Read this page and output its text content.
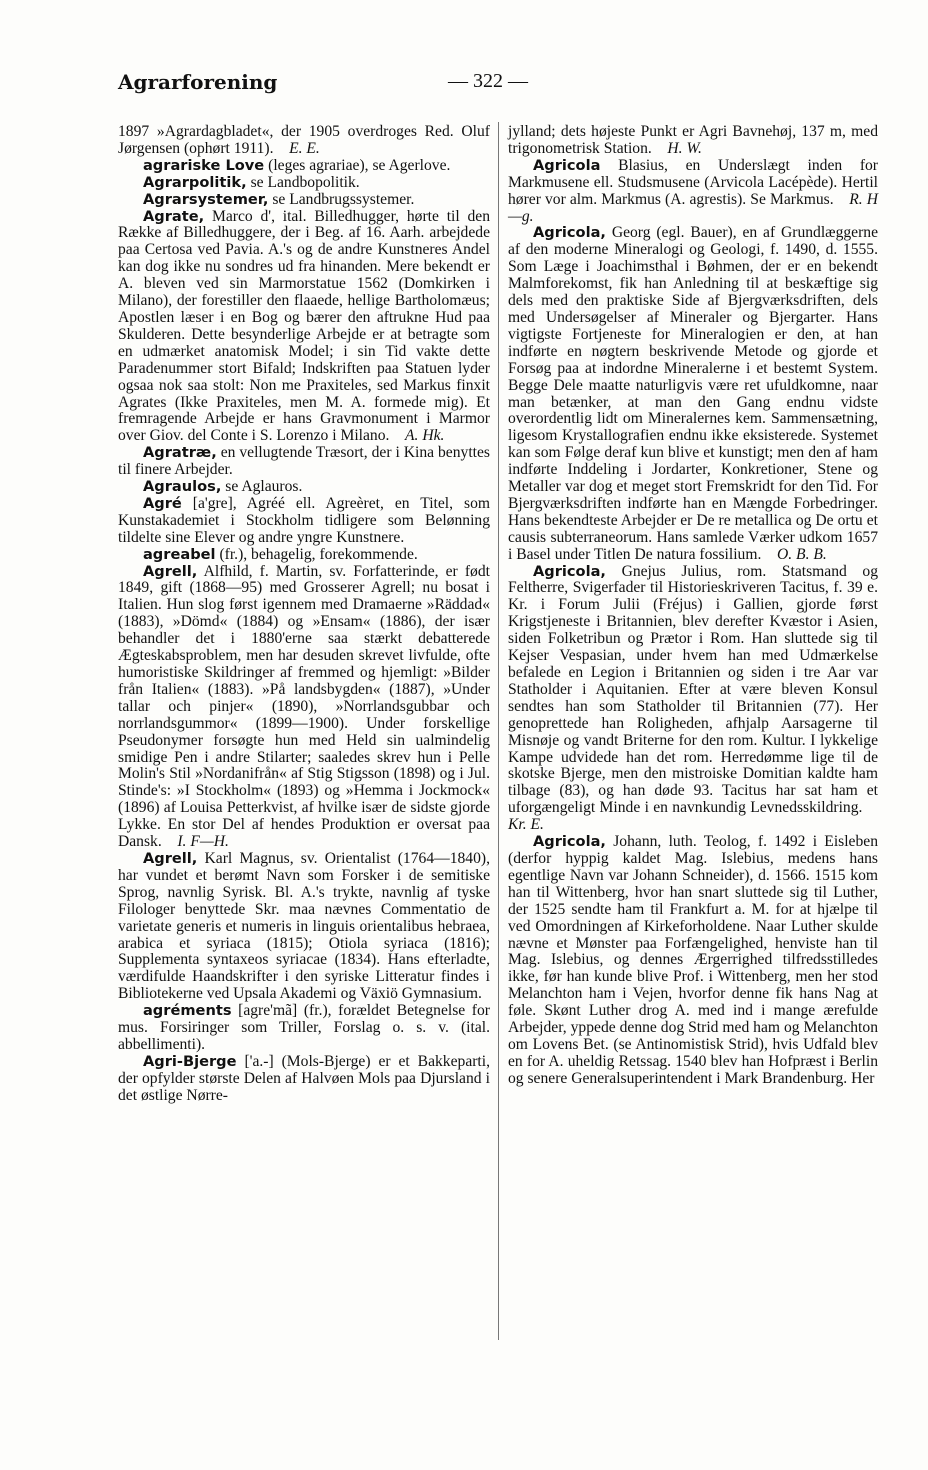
Agrarforening	— 322 —

1897 »Agrardagbladet«, der 1905 overdroges Red. Oluf Jørgensen (ophørt 1911).  E. E.

agrariske Love (leges agrariae), se Agerlove.

Agrarpolitik, se Landbopolitik.

Agrarsystemer, se Landbrugssystemer.

Agrate, Marco d', ital. Billedhugger, hørte til den Række af Billedhuggere, der i Beg. af 16. Aarh. arbejdede paa Certosa ved Pavia. A.'s og de andre Kunstneres Andel kan dog ikke nu sondres ud fra hinanden. Mere bekendt er A. bleven ved sin Marmorstatue 1562 (Domkirken i Milano), der forestiller den flaaede, hellige Bartholomæus; Apostlen læser i en Bog og bærer den aftrukne Hud paa Skulderen. Dette besynderlige Arbejde er at betragte som en udmærket anatomisk Model; i sin Tid vakte dette Paradenummer stort Bifald; Indskriften paa Statuen lyder ogsaa nok saa stolt: Non me Praxiteles, sed Markus finxit Agrates (Ikke Praxiteles, men M. A. formede mig). Et fremragende Arbejde er hans Gravmonument i Marmor over Giov. del Conte i S. Lorenzo i Milano.  A. Hk.

Agratræ, en vellugtende Træsort, der i Kina benyttes til finere Arbejder.

Agraulos, se Aglauros.

Agré [a'gre], Agréé ell. Agreèret, en Titel, som Kunstakademiet i Stockholm tidligere som Belønning tildelte sine Elever og andre yngre Kunstnere.

agreabel (fr.), behagelig, forekommende.

Agrell, Alfhild, f. Martin, sv. Forfatterinde, er født 1849, gift (1868—95) med Grosserer Agrell; nu bosat i Italien. Hun slog først igennem med Dramaerne »Räddad« (1883), »Dömd« (1884) og »Ensam« (1886), der især behandler det i 1880'erne saa stærkt debatterede Ægteskabsproblem, men har desuden skrevet livfulde, ofte humoristiske Skildringer af fremmed og hjemligt: »Bilder från Italien« (1883). »På landsbygden« (1887), »Under tallar och pinjer« (1890), »Norrlandsgubbar och norrlandsgummor« (1899—1900). Under forskellige Pseudonymer forsøgte hun med Held sin ualmindelig smidige Pen i andre Stilarter; saaledes skrev hun i Pelle Molin's Stil »Nordanifrån« af Stig Stigsson (1898) og i Jul. Stinde's: »I Stockholm« (1893) og »Hemma i Jockmock« (1896) af Louisa Petterkvist, af hvilke især de sidste gjorde Lykke. En stor Del af hendes Produktion er oversat paa Dansk.  I. F—H.

Agrell, Karl Magnus, sv. Orientalist (1764—1840), har vundet et berømt Navn som Forsker i de semitiske Sprog, navnlig Syrisk. Bl. A.'s trykte, navnlig af tyske Filologer benyttede Skr. maa nævnes Commentatio de varietate generis et numeris in linguis orientalibus hebraea, arabica et syriaca (1815); Otiola syriaca (1816); Supplementa syntaxeos syriacae (1834). Hans efterladte, værdifulde Haandskrifter i den syriske Litteratur findes i Bibliotekerne ved Upsala Akademi og Växiö Gymnasium.

agréments [agre'mã] (fr.), forældet Betegnelse for mus. Forsiringer som Triller, Forslag o. s. v. (ital. abbellimenti).

Agri-Bjerge ['a.-] (Mols-Bjerge) er et Bakkeparti, der opfylder største Delen af Halvøen Mols paa Djursland i det østlige Nørre-

jylland; dets højeste Punkt er Agri Bavnehøj, 137 m, med trigonometrisk Station.  H. W.

Agricola Blasius, en Underslægt inden for Markmusene ell. Studsmusene (Arvicola Lacépède). Hertil hører vor alm. Markmus (A. agrestis). Se Markmus.  R. H—g.

Agricola, Georg (egl. Bauer), en af Grundlæggerne af den moderne Mineralogi og Geologi, f. 1490, d. 1555. Som Læge i Joachimsthal i Bøhmen, der er en bekendt Malmforekomst, fik han Anledning til at beskæftige sig dels med den praktiske Side af Bjergværksdriften, dels med Undersøgelser af Mineraler og Bjergarter. Hans vigtigste Fortjeneste for Mineralogien er den, at han indførte en nøgtern beskrivende Metode og gjorde et Forsøg paa at indordne Mineralerne i et bestemt System. Begge Dele maatte naturligvis være ret ufuldkomne, naar man betænker, at man den Gang endnu vidste overordentlig lidt om Mineralernes kem. Sammensætning, ligesom Krystallografien endnu ikke eksisterede. Systemet kan som Følge deraf kun blive et kunstigt; men den af ham indførte Inddeling i Jordarter, Konkretioner, Stene og Metaller var dog et meget stort Fremskridt for den Tid. For Bjergværksdriften indførte han en Mængde Forbedringer. Hans bekendteste Arbejder er De re metallica og De ortu et causis subterraneorum. Hans samlede Værker udkom 1657 i Basel under Titlen De natura fossilium.  O. B. B.

Agricola, Gnejus Julius, rom. Statsmand og Feltherre, Svigerfader til Historieskriveren Tacitus, f. 39 e. Kr. i Forum Julii (Fréjus) i Gallien, gjorde først Krigstjeneste i Britannien, blev derefter Kvæstor i Asien, siden Folketribun og Prætor i Rom. Han sluttede sig til Kejser Vespasian, under hvem han med Udmærkelse befalede en Legion i Britannien og siden i tre Aar var Statholder i Aquitanien. Efter at være bleven Konsul sendtes han som Statholder til Britannien (77). Her genoprettede han Roligheden, afhjalp Aarsagerne til Misnøje og vandt Briterne for den rom. Kultur. I lykkelige Kampe udvidede han det rom. Herredømme lige til de skotske Bjerge, men den mistroiske Domitian kaldte ham tilbage (83), og han døde 93. Tacitus har sat ham et uforgængeligt Minde i en navnkundig Levnedsskildring. Kr. E.

Agricola, Johann, luth. Teolog, f. 1492 i Eisleben (derfor hyppig kaldet Mag. Islebius, medens hans egentlige Navn var Johann Schneider), d. 1566. 1515 kom han til Wittenberg, hvor han snart sluttede sig til Luther, der 1525 sendte ham til Frankfurt a. M. for at hjælpe til ved Omordningen af Kirkeforholdene. Naar Luther skulde nævne et Mønster paa Forfængelighed, henviste han til Mag. Islebius, og dennes Ærgerrighed tilfredsstilledes ikke, før han kunde blive Prof. i Wittenberg, men her stod Melanchton ham i Vejen, hvorfor denne fik hans Nag at føle. Skønt Luther drog A. med ind i mange ærefulde Arbejder, yppede denne dog Strid med ham og Melanchton om Lovens Bet. (se Antinomistisk Strid), hvis Udfald blev en for A. uheldig Retssag. 1540 blev han Hofpræst i Berlin og senere Generalsuperintendent i Mark Brandenburg. Her
